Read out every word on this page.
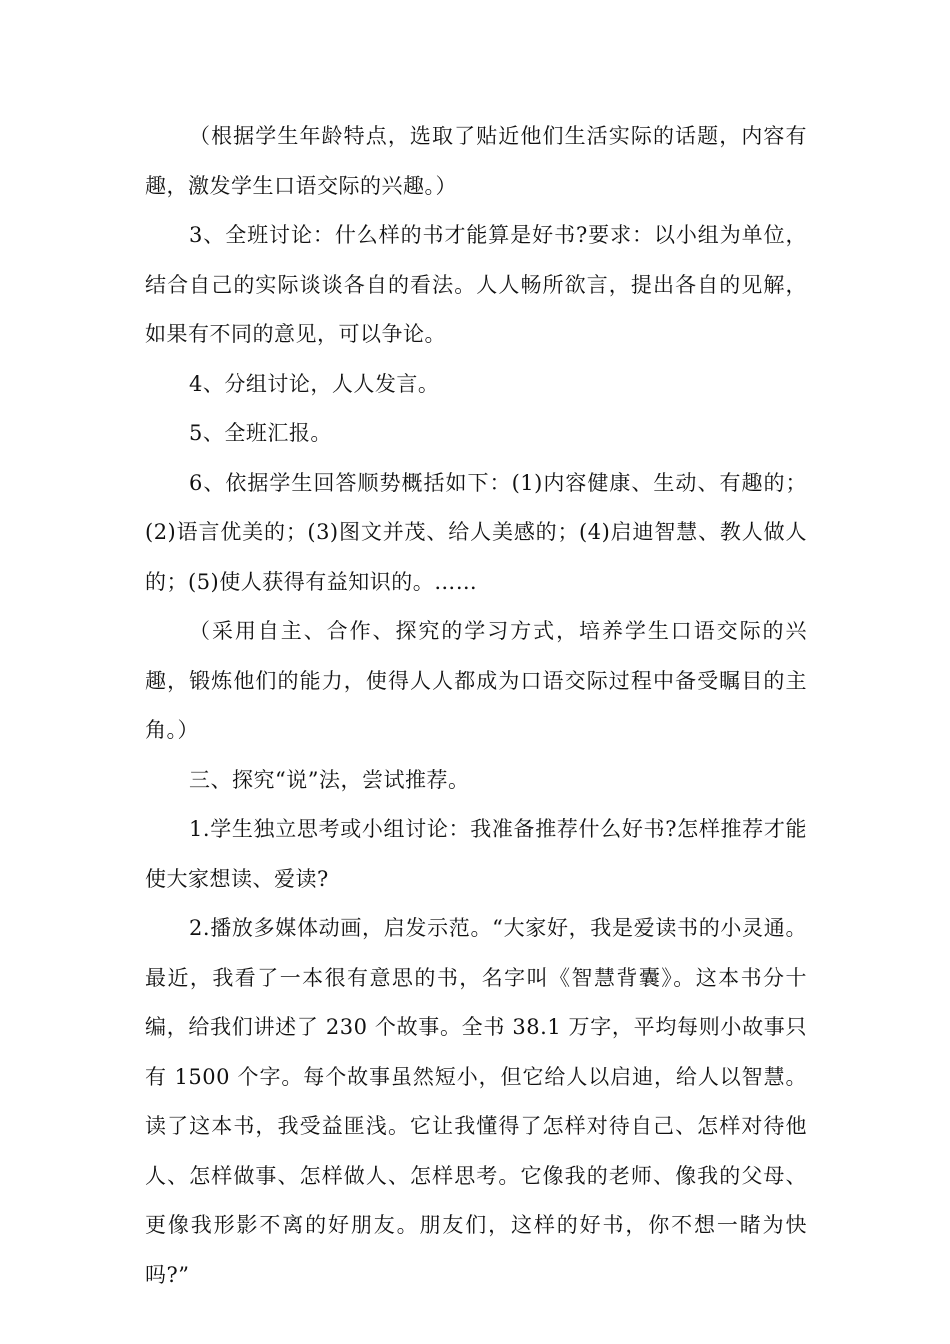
（根据学生年龄特点，选取了贴近他们生活实际的话题，内容有趣，激发学生口语交际的兴趣。）

3、全班讨论：什么样的书才能算是好书?要求：以小组为单位，结合自己的实际谈谈各自的看法。人人畅所欲言，提出各自的见解，如果有不同的意见，可以争论。

4、分组讨论，人人发言。

5、全班汇报。

6、依据学生回答顺势概括如下：(1)内容健康、生动、有趣的；(2)语言优美的；(3)图文并茂、给人美感的；(4)启迪智慧、教人做人的；(5)使人获得有益知识的。……

（采用自主、合作、探究的学习方式，培养学生口语交际的兴趣，锻炼他们的能力，使得人人都成为口语交际过程中备受瞩目的主角。）

三、探究“说”法，尝试推荐。

1.学生独立思考或小组讨论：我准备推荐什么好书?怎样推荐才能使大家想读、爱读?

2.播放多媒体动画，启发示范。“大家好，我是爱读书的小灵通。最近，我看了一本很有意思的书，名字叫《智慧背囊》。这本书分十编，给我们讲述了 230 个故事。全书 38.1 万字，平均每则小故事只有 1500 个字。每个故事虽然短小，但它给人以启迪，给人以智慧。读了这本书，我受益匪浅。它让我懂得了怎样对待自己、怎样对待他人、怎样做事、怎样做人、怎样思考。它像我的老师、像我的父母、更像我形影不离的好朋友。朋友们，这样的好书，你不想一睹为快吗?”
